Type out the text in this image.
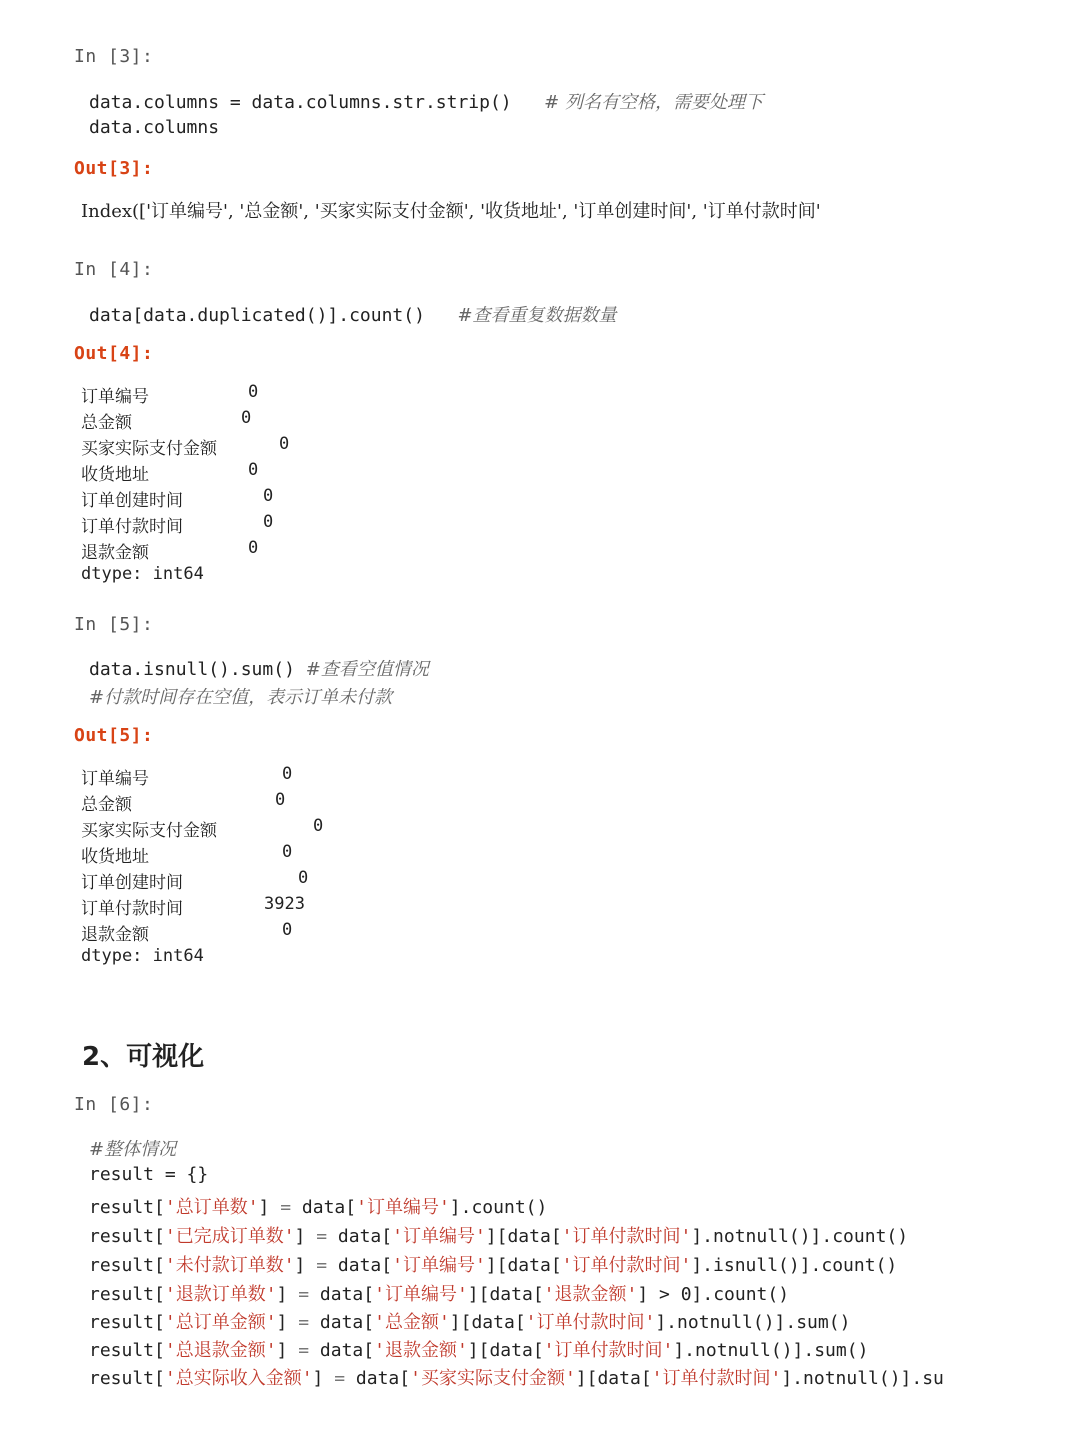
In [3]:
data.columns = data.columns.str.strip() # 列名有空格，需要处理下
data.columns
Out[3]:
Index(['订单编号', '总金额', '买家实际支付金额', '收货地址', '订单创建时间', '订单付款时间'
In [4]:
data[data.duplicated()].count() #查看重复数据数量
Out[4]:
订单编号	0
总金额	0
买家实际支付金额	0
收货地址	0
订单创建时间	0
订单付款时间	0
退款金额	0
dtype: int64
In [5]:
data.isnull().sum() #查看空值情况
#付款时间存在空值，表示订单未付款
Out[5]:
订单编号	0
总金额	0
买家实际支付金额	0
收货地址	0
订单创建时间	0
订单付款时间	3923
退款金额	0
dtype: int64
2、可视化
In [6]:
#整体情况
result = {}
result['总订单数'] = data['订单编号'].count()
result['已完成订单数'] = data['订单编号'][data['订单付款时间'].notnull()].count()
result['未付款订单数'] = data['订单编号'][data['订单付款时间'].isnull()].count()
result['退款订单数'] = data['订单编号'][data['退款金额'] > 0].count()
result['总订单金额'] = data['总金额'][data['订单付款时间'].notnull()].sum()
result['总退款金额'] = data['退款金额'][data['订单付款时间'].notnull()].sum()
result['总实际收入金额'] = data['买家实际支付金额'][data['订单付款时间'].notnull()].su
